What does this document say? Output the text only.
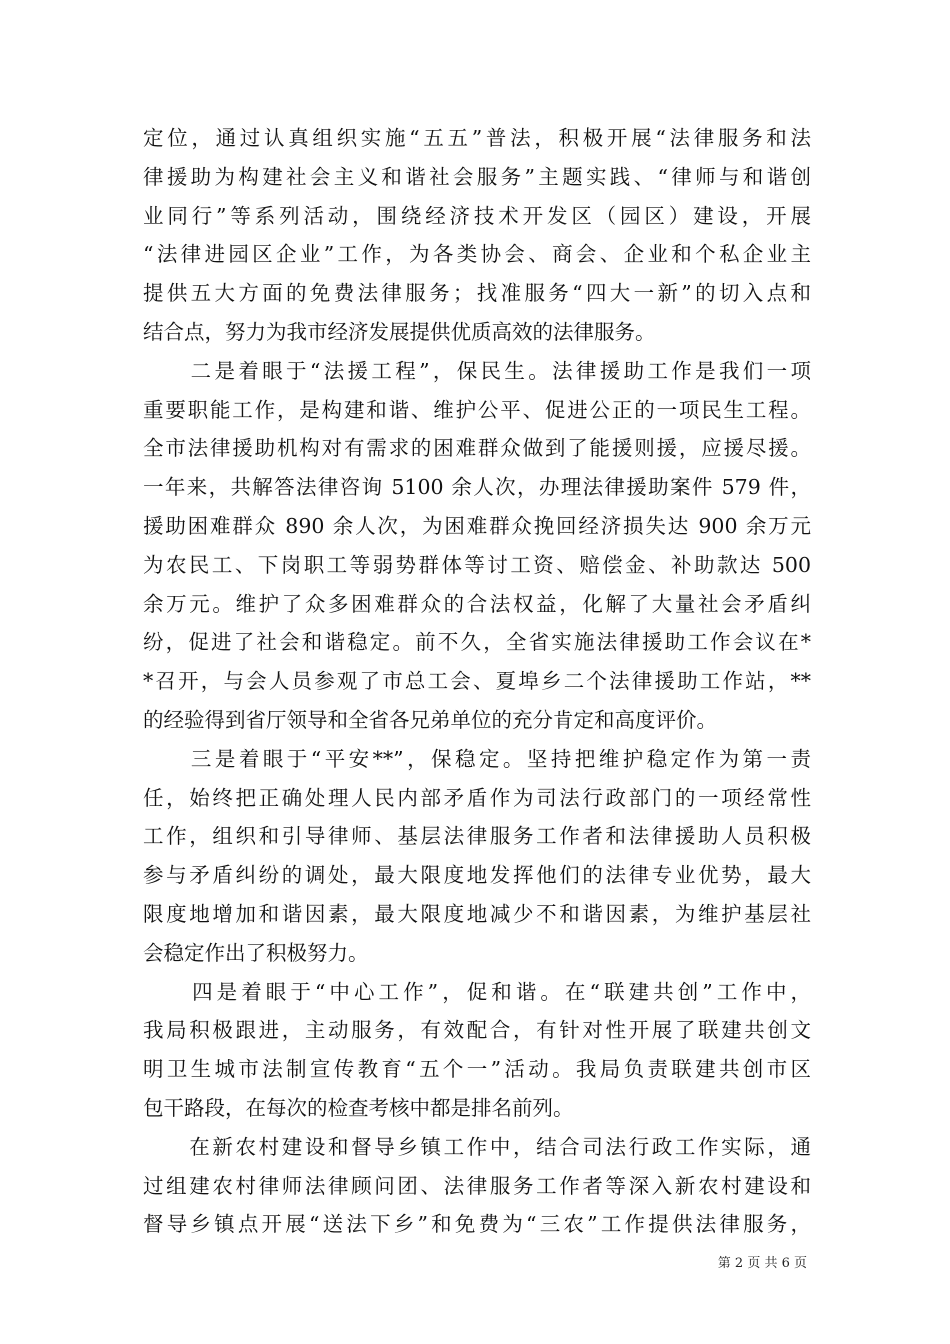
定位，通过认真组织实施“五五”普法，积极开展“法律服务和法
律援助为构建社会主义和谐社会服务”主题实践、“律师与和谐创
业同行”等系列活动，围绕经济技术开发区（园区）建设，开展
“法律进园区企业”工作，为各类协会、商会、企业和个私企业主
提供五大方面的免费法律服务；找准服务“四大一新”的切入点和
结合点，努力为我市经济发展提供优质高效的法律服务。
　　二是着眼于“法援工程”，保民生。法律援助工作是我们一项
重要职能工作，是构建和谐、维护公平、促进公正的一项民生工程。
全市法律援助机构对有需求的困难群众做到了能援则援，应援尽援。
一年来，共解答法律咨询 5100 余人次，办理法律援助案件 579 件，
援助困难群众 890 余人次，为困难群众挽回经济损失达 900 余万元
为农民工、下岗职工等弱势群体等讨工资、赔偿金、补助款达 500
余万元。维护了众多困难群众的合法权益，化解了大量社会矛盾纠
纷，促进了社会和谐稳定。前不久，全省实施法律援助工作会议在*
*召开，与会人员参观了市总工会、夏埠乡二个法律援助工作站，**
的经验得到省厅领导和全省各兄弟单位的充分肯定和高度评价。
　　三是着眼于“平安**”，保稳定。坚持把维护稳定作为第一责
任，始终把正确处理人民内部矛盾作为司法行政部门的一项经常性
工作，组织和引导律师、基层法律服务工作者和法律援助人员积极
参与矛盾纠纷的调处，最大限度地发挥他们的法律专业优势，最大
限度地增加和谐因素，最大限度地减少不和谐因素，为维护基层社
会稳定作出了积极努力。
　　四是着眼于“中心工作”，促和谐。在“联建共创”工作中，
我局积极跟进，主动服务，有效配合，有针对性开展了联建共创文
明卫生城市法制宣传教育“五个一”活动。我局负责联建共创市区
包干路段，在每次的检查考核中都是排名前列。
　　在新农村建设和督导乡镇工作中，结合司法行政工作实际，通
过组建农村律师法律顾问团、法律服务工作者等深入新农村建设和
督导乡镇点开展“送法下乡”和免费为“三农”工作提供法律服务，
第 2 页 共 6 页
